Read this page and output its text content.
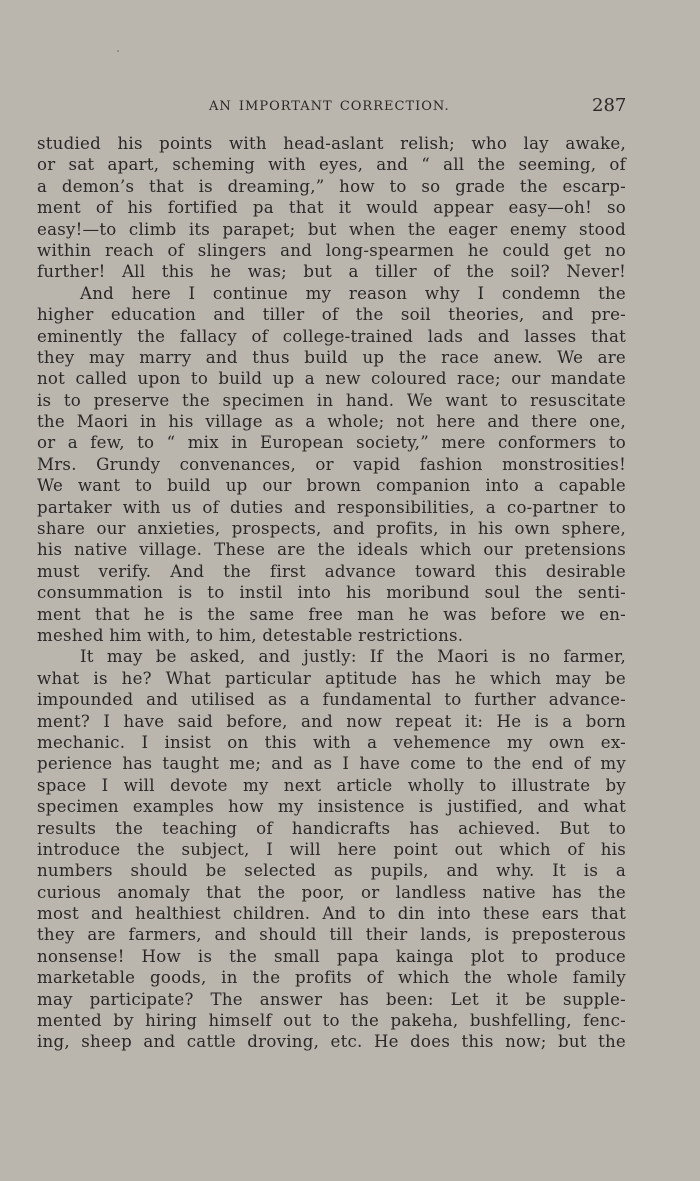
AN IMPORTANT CORRECTION.	287
studied his points with head-aslant relish; who lay awake,
or sat apart, scheming with eyes, and “ all the seeming, of
a demon’s that is dreaming,” how to so grade the escarp-
ment of his fortified pa that it would appear easy—oh! so
easy!—to climb its parapet; but when the eager enemy stood
within reach of slingers and long-spearmen he could get no
further! All this he was; but a tiller of the soil? Never!
And here I continue my reason why I condemn the
higher education and tiller of the soil theories, and pre-
eminently the fallacy of college-trained lads and lasses that
they may marry and thus build up the race anew. We are
not called upon to build up a new coloured race; our mandate
is to preserve the specimen in hand. We want to resuscitate
the Maori in his village as a whole; not here and there one,
or a few, to “ mix in European society,” mere conformers to
Mrs. Grundy convenances, or vapid fashion monstrosities!
We want to build up our brown companion into a capable
partaker with us of duties and responsibilities, a co-partner to
share our anxieties, prospects, and profits, in his own sphere,
his native village. These are the ideals which our pretensions
must verify. And the first advance toward this desirable
consummation is to instil into his moribund soul the senti-
ment that he is the same free man he was before we en-
meshed him with, to him, detestable restrictions.
It may be asked, and justly: If the Maori is no farmer,
what is he? What particular aptitude has he which may be
impounded and utilised as a fundamental to further advance-
ment? I have said before, and now repeat it: He is a born
mechanic. I insist on this with a vehemence my own ex-
perience has taught me; and as I have come to the end of my
space I will devote my next article wholly to illustrate by
specimen examples how my insistence is justified, and what
results the teaching of handicrafts has achieved. But to
introduce the subject, I will here point out which of his
numbers should be selected as pupils, and why. It is a
curious anomaly that the poor, or landless native has the
most and healthiest children. And to din into these ears that
they are farmers, and should till their lands, is preposterous
nonsense! How is the small papa kainga plot to produce
marketable goods, in the profits of which the whole family
may participate? The answer has been: Let it be supple-
mented by hiring himself out to the pakeha, bushfelling, fenc-
ing, sheep and cattle droving, etc. He does this now; but the
